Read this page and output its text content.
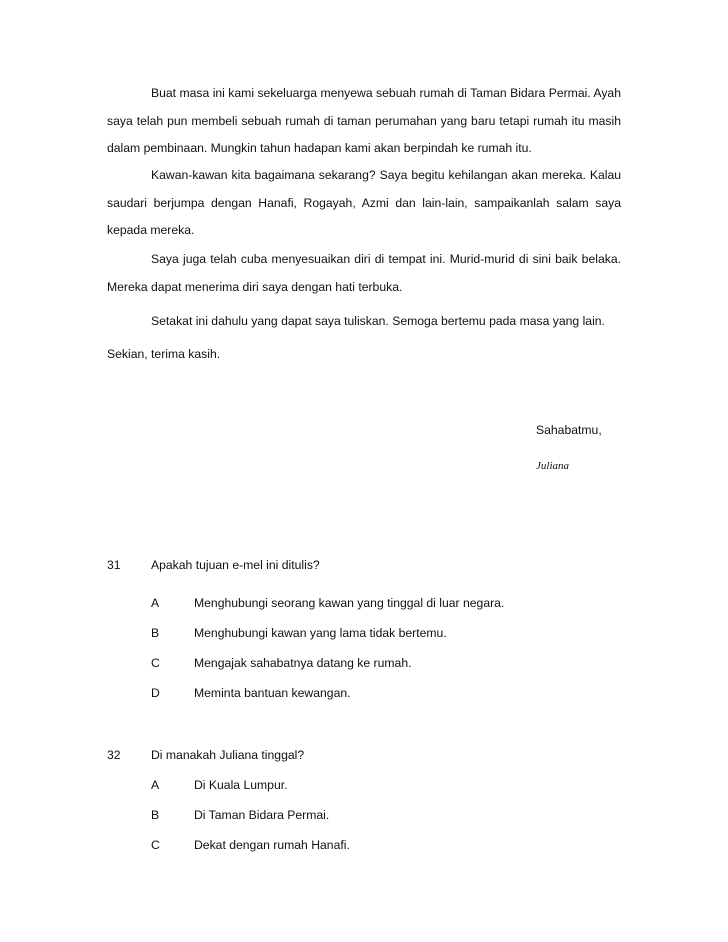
Buat masa ini kami sekeluarga menyewa sebuah rumah di Taman Bidara Permai. Ayah saya telah pun membeli sebuah rumah di taman perumahan yang baru tetapi rumah itu masih dalam pembinaan. Mungkin tahun hadapan kami akan berpindah ke rumah itu.

Kawan-kawan kita bagaimana sekarang? Saya begitu kehilangan akan mereka. Kalau saudari berjumpa dengan Hanafi, Rogayah, Azmi dan lain-lain, sampaikanlah salam saya kepada mereka.

Saya juga telah cuba menyesuaikan diri di tempat ini. Murid-murid di sini baik belaka. Mereka dapat menerima diri saya dengan hati terbuka.

Setakat ini dahulu yang dapat saya tuliskan. Semoga bertemu pada masa yang lain.

Sekian, terima kasih.

Sahabatmu,

Juliana

31 Apakah tujuan e-mel ini ditulis?

A	Menghubungi seorang kawan yang tinggal di luar negara.

B	Menghubungi kawan yang lama tidak bertemu.

C	Mengajak sahabatnya datang ke rumah.

D	Meminta bantuan kewangan.

32 Di manakah Juliana tinggal?

A	Di Kuala Lumpur.

B	Di Taman Bidara Permai.

C	Dekat dengan rumah Hanafi.
